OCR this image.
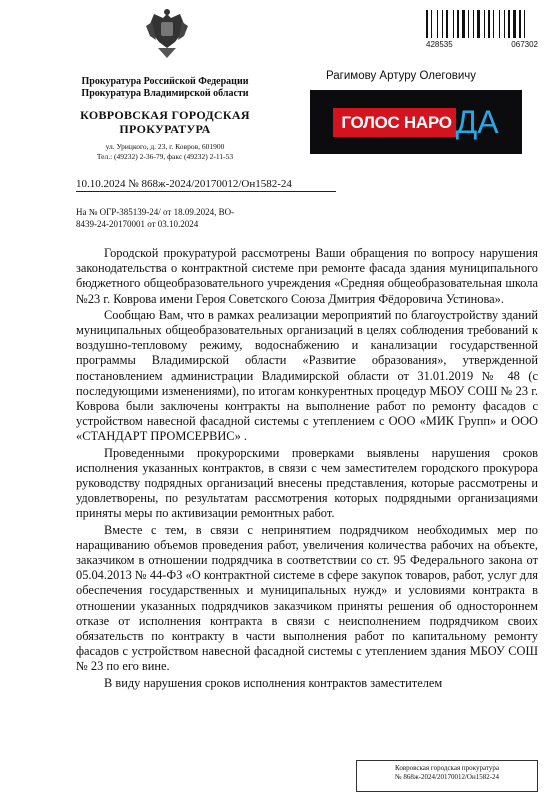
428535	067302
Прокуратура Российской Федерации
Прокуратура Владимирской области
КОВРОВСКАЯ ГОРОДСКАЯ
ПРОКУРАТУРА
ул. Урицкого, д. 23, г. Ковров, 601900
Тел.: (49232) 2-36-79, факс (49232) 2-11-53
Рагимову Артуру Олеговичу
ГОЛОС НАРО ДА
10.10.2024 № 868ж-2024/20170012/Он1582-24
На № ОГР-385139-24/ от 18.09.2024, ВО-
8439-24-20170001 от 03.10.2024

Городской прокуратурой рассмотрены Ваши обращения по вопросу нарушения законодательства о контрактной системе при ремонте фасада здания муниципального бюджетного общеобразовательного учреждения «Средняя общеобразовательная школа №23 г. Коврова имени Героя Советского Союза Дмитрия Фёдоровича Устинова».

Сообщаю Вам, что в рамках реализации мероприятий по благоустройству зданий муниципальных общеобразовательных организаций в целях соблюдения требований к воздушно-тепловому режиму, водоснабжению и канализации государственной программы Владимирской области «Развитие образования», утвержденной постановлением администрации Владимирской области от 31.01.2019 № 48 (с последующими изменениями), по итогам конкурентных процедур МБОУ СОШ № 23 г. Коврова были заключены контракты на выполнение работ по ремонту фасадов с устройством навесной фасадной системы с утеплением с ООО «МИК Групп» и ООО «СТАНДАРТ ПРОМСЕРВИС» .

Проведенными прокурорскими проверками выявлены нарушения сроков исполнения указанных контрактов, в связи с чем заместителем городского прокурора руководству подрядных организаций внесены представления, которые рассмотрены и удовлетворены, по результатам рассмотрения которых подрядными организациями приняты меры по активизации ремонтных работ.

Вместе с тем, в связи с непринятием подрядчиком необходимых мер по наращиванию объемов проведения работ, увеличения количества рабочих на объекте, заказчиком в отношении подрядчика в соответствии со ст. 95 Федерального закона от 05.04.2013 № 44-ФЗ «О контрактной системе в сфере закупок товаров, работ, услуг для обеспечения государственных и муниципальных нужд» и условиями контракта в отношении указанных подрядчиков заказчиком приняты решения об одностороннем отказе от исполнения контракта в связи с неисполнением подрядчиком своих обязательств по контракту в части выполнения работ по капитальному ремонту фасадов с устройством навесной фасадной системы с утеплением здания МБОУ СОШ № 23 по его вине.

В виду нарушения сроков исполнения контрактов заместителем

Ковровская городская прокуратура
№ 868ж-2024/20170012/Он1582-24
